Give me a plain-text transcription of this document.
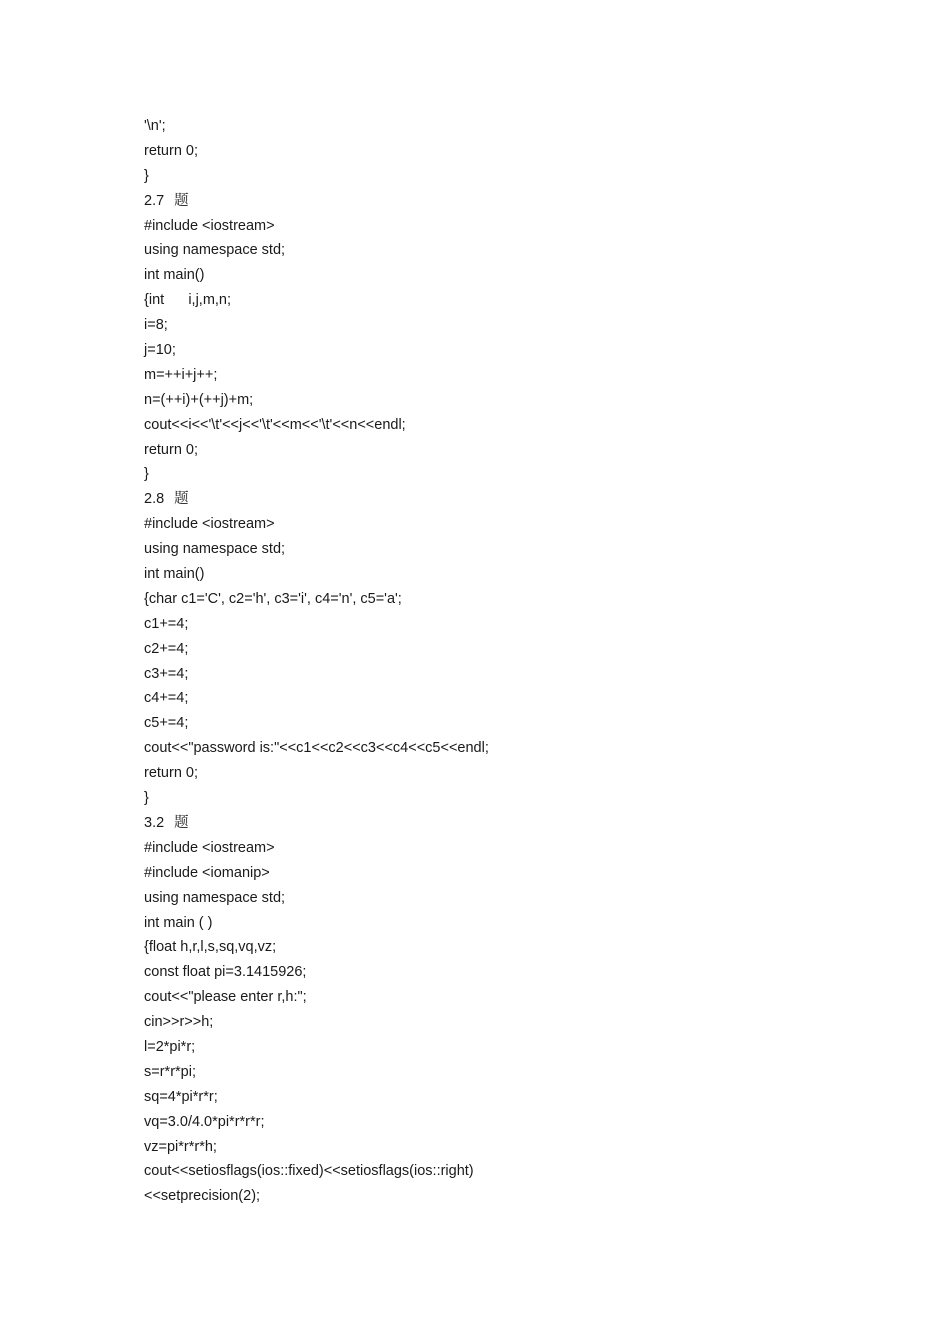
'\n';
return 0;
}
2.7 题
#include <iostream>
using namespace std;
int main()
{int      i,j,m,n;
i=8;
j=10;
m=++i+j++;
n=(++i)+(++j)+m;
cout<<i<<'\t'<<j<<'\t'<<m<<'\t'<<n<<endl;
return 0;
}
2.8 题
#include <iostream>
using namespace std;
int main()
{char c1='C', c2='h', c3='i', c4='n', c5='a';
c1+=4;
c2+=4;
c3+=4;
c4+=4;
c5+=4;
cout<<"password is:"<<c1<<c2<<c3<<c4<<c5<<endl;
return 0;
}
3.2 题
#include <iostream>
#include <iomanip>
using namespace std;
int main ( )
{float h,r,l,s,sq,vq,vz;
const float pi=3.1415926;
cout<<"please enter r,h:";
cin>>r>>h;
l=2*pi*r;
s=r*r*pi;
sq=4*pi*r*r;
vq=3.0/4.0*pi*r*r*r;
vz=pi*r*r*h;
cout<<setiosflags(ios::fixed)<<setiosflags(ios::right)
<<setprecision(2);
